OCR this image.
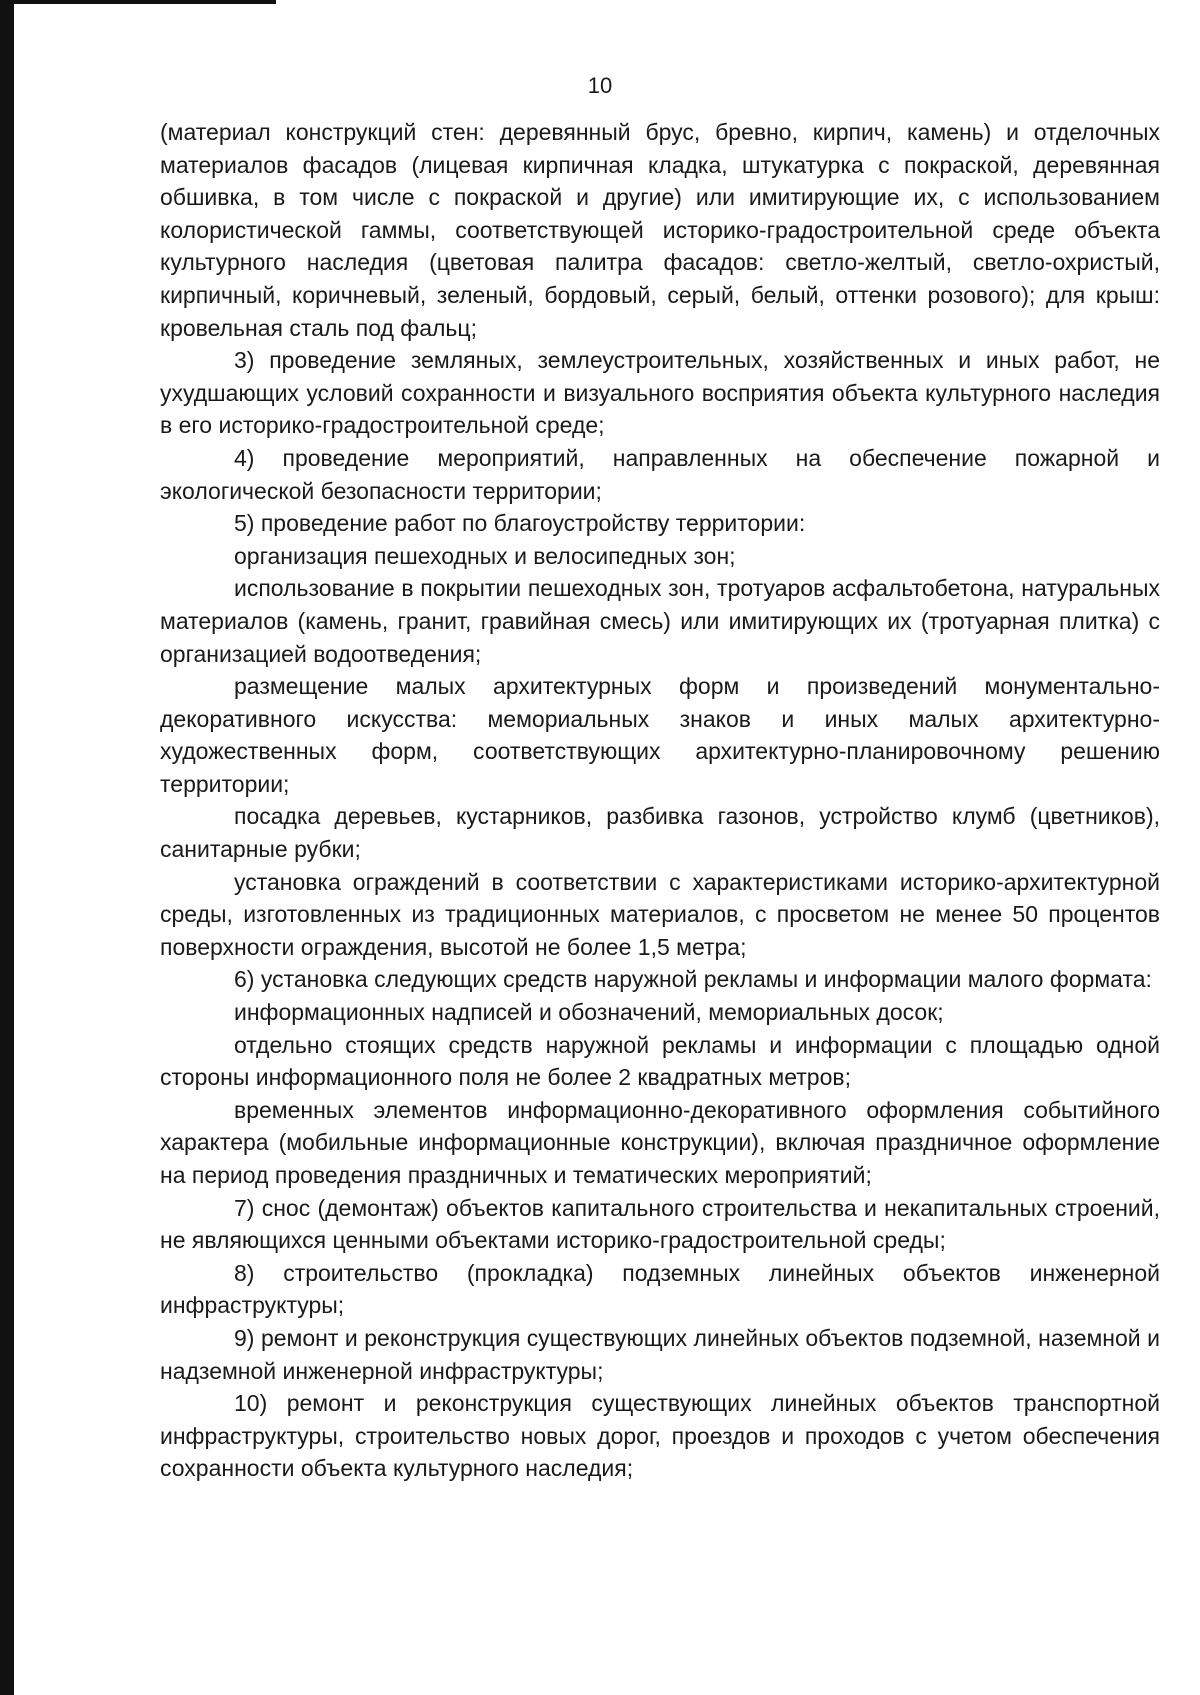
10

(материал конструкций стен: деревянный брус, бревно, кирпич, камень) и отделочных материалов фасадов (лицевая кирпичная кладка, штукатурка с покраской, деревянная обшивка, в том числе с покраской и другие) или имитирующие их, с использованием колористической гаммы, соответствующей историко-градостроительной среде объекта культурного наследия (цветовая палитра фасадов: светло-желтый, светло-охристый, кирпичный, коричневый, зеленый, бордовый, серый, белый, оттенки розового); для крыш: кровельная сталь под фальц;

3) проведение земляных, землеустроительных, хозяйственных и иных работ, не ухудшающих условий сохранности и визуального восприятия объекта культурного наследия в его историко-градостроительной среде;

4) проведение мероприятий, направленных на обеспечение пожарной и экологической безопасности территории;

5) проведение работ по благоустройству территории:

организация пешеходных и велосипедных зон;

использование в покрытии пешеходных зон, тротуаров асфальтобетона, натуральных материалов (камень, гранит, гравийная смесь) или имитирующих их (тротуарная плитка) с организацией водоотведения;

размещение малых архитектурных форм и произведений монументально-декоративного искусства: мемориальных знаков и иных малых архитектурно-художественных форм, соответствующих архитектурно-планировочному решению территории;

посадка деревьев, кустарников, разбивка газонов, устройство клумб (цветников), санитарные рубки;

установка ограждений в соответствии с характеристиками историко-архитектурной среды, изготовленных из традиционных материалов, с просветом не менее 50 процентов поверхности ограждения, высотой не более 1,5 метра;

6) установка следующих средств наружной рекламы и информации малого формата:

информационных надписей и обозначений, мемориальных досок;

отдельно стоящих средств наружной рекламы и информации с площадью одной стороны информационного поля не более 2 квадратных метров;

временных элементов информационно-декоративного оформления событийного характера (мобильные информационные конструкции), включая праздничное оформление на период проведения праздничных и тематических мероприятий;

7) снос (демонтаж) объектов капитального строительства и некапитальных строений, не являющихся ценными объектами историко-градостроительной среды;

8) строительство (прокладка) подземных линейных объектов инженерной инфраструктуры;

9) ремонт и реконструкция существующих линейных объектов подземной, наземной и надземной инженерной инфраструктуры;

10) ремонт и реконструкция существующих линейных объектов транспортной инфраструктуры, строительство новых дорог, проездов и проходов с учетом обеспечения сохранности объекта культурного наследия;
